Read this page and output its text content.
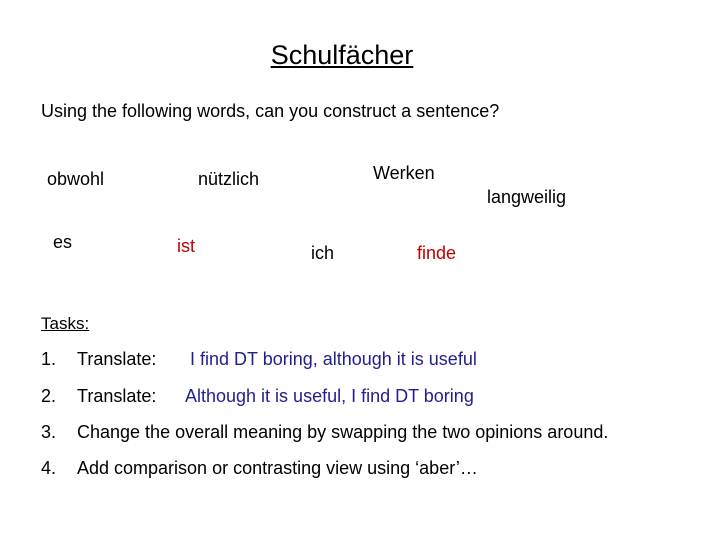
Schulfächer
Using the following words, can you construct a sentence?
obwohl	nützlich	Werken
langweilig
es	ist	ich	finde
Tasks:
1. Translate: I find DT boring, although it is useful
2. Translate: Although it is useful, I find DT boring
3. Change the overall meaning by swapping the two opinions around.
4. Add comparison or contrasting view using ‘aber’…
